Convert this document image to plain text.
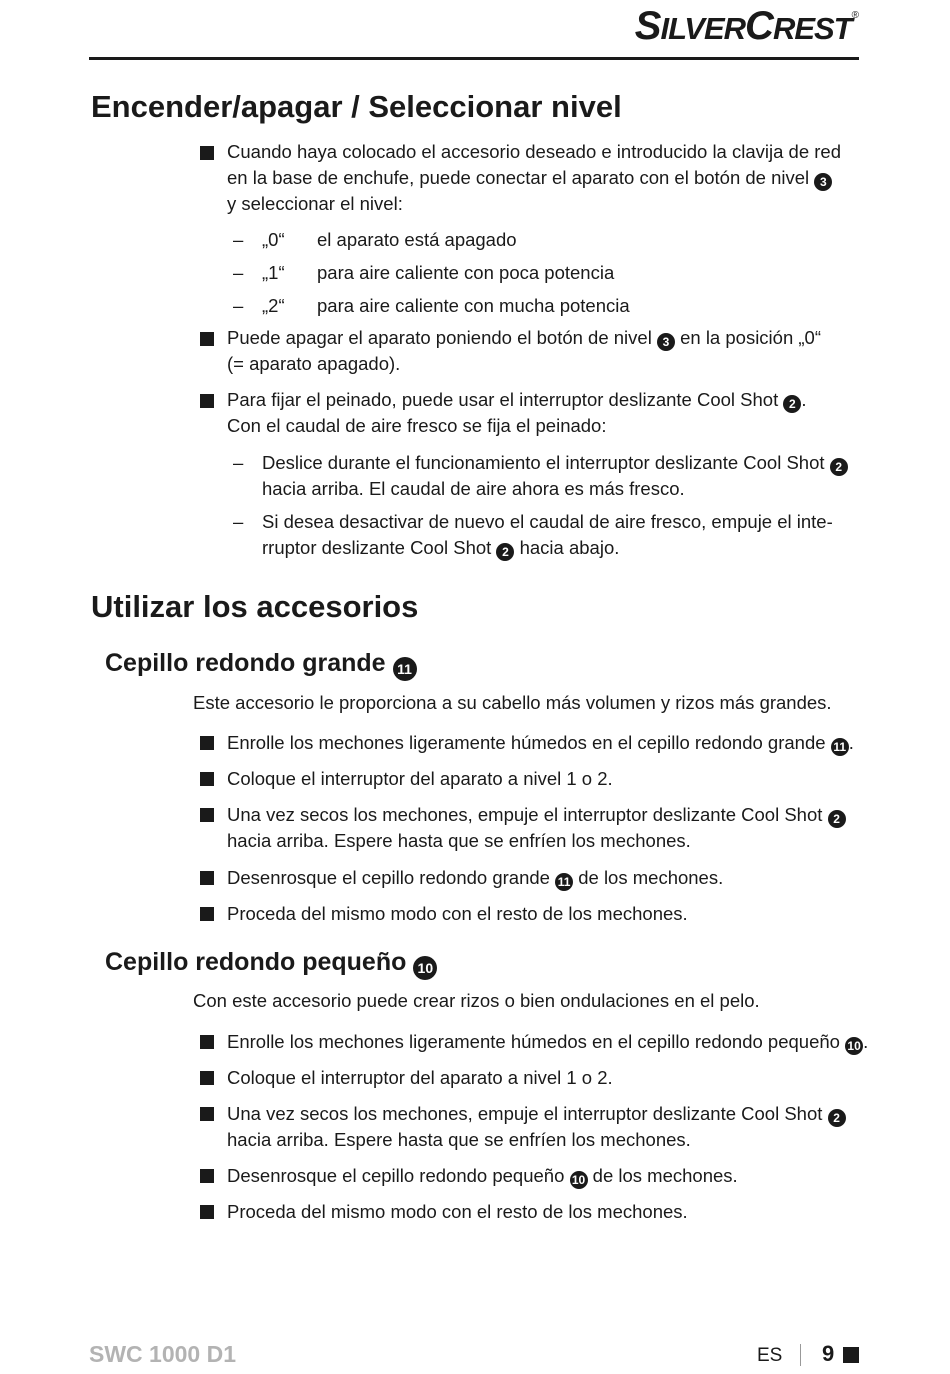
SILVERCREST®
Encender/apagar / Seleccionar nivel
Cuando haya colocado el accesorio deseado e introducido la clavija de red
en la base de enchufe, puede conectar el aparato con el botón de nivel 3
y seleccionar el nivel:
– „0“ el aparato está apagado
– „1“ para aire caliente con poca potencia
– „2“ para aire caliente con mucha potencia
Puede apagar el aparato poniendo el botón de nivel 3 en la posición „0“
(= aparato apagado).
Para fijar el peinado, puede usar el interruptor deslizante Cool Shot 2 .
Con el caudal de aire fresco se fija el peinado:
– Deslice durante el funcionamiento el interruptor deslizante Cool Shot 2
hacia arriba. El caudal de aire ahora es más fresco.
– Si desea desactivar de nuevo el caudal de aire fresco, empuje el inte-
rruptor deslizante Cool Shot 2 hacia abajo.
Utilizar los accesorios
Cepillo redondo grande 11
Este accesorio le proporciona a su cabello más volumen y rizos más grandes.
Enrolle los mechones ligeramente húmedos en el cepillo redondo grande 11 .
Coloque el interruptor del aparato a nivel 1 o 2.
Una vez secos los mechones, empuje el interruptor deslizante Cool Shot 2
hacia arriba. Espere hasta que se enfríen los mechones.
Desenrosque el cepillo redondo grande 11 de los mechones.
Proceda del mismo modo con el resto de los mechones.
Cepillo redondo pequeño 10
Con este accesorio puede crear rizos o bien ondulaciones en el pelo.
Enrolle los mechones ligeramente húmedos en el cepillo redondo pequeño 10 .
Coloque el interruptor del aparato a nivel 1 o 2.
Una vez secos los mechones, empuje el interruptor deslizante Cool Shot 2
hacia arriba. Espere hasta que se enfríen los mechones.
Desenrosque el cepillo redondo pequeño 10 de los mechones.
Proceda del mismo modo con el resto de los mechones.
SWC 1000 D1	ES 9
